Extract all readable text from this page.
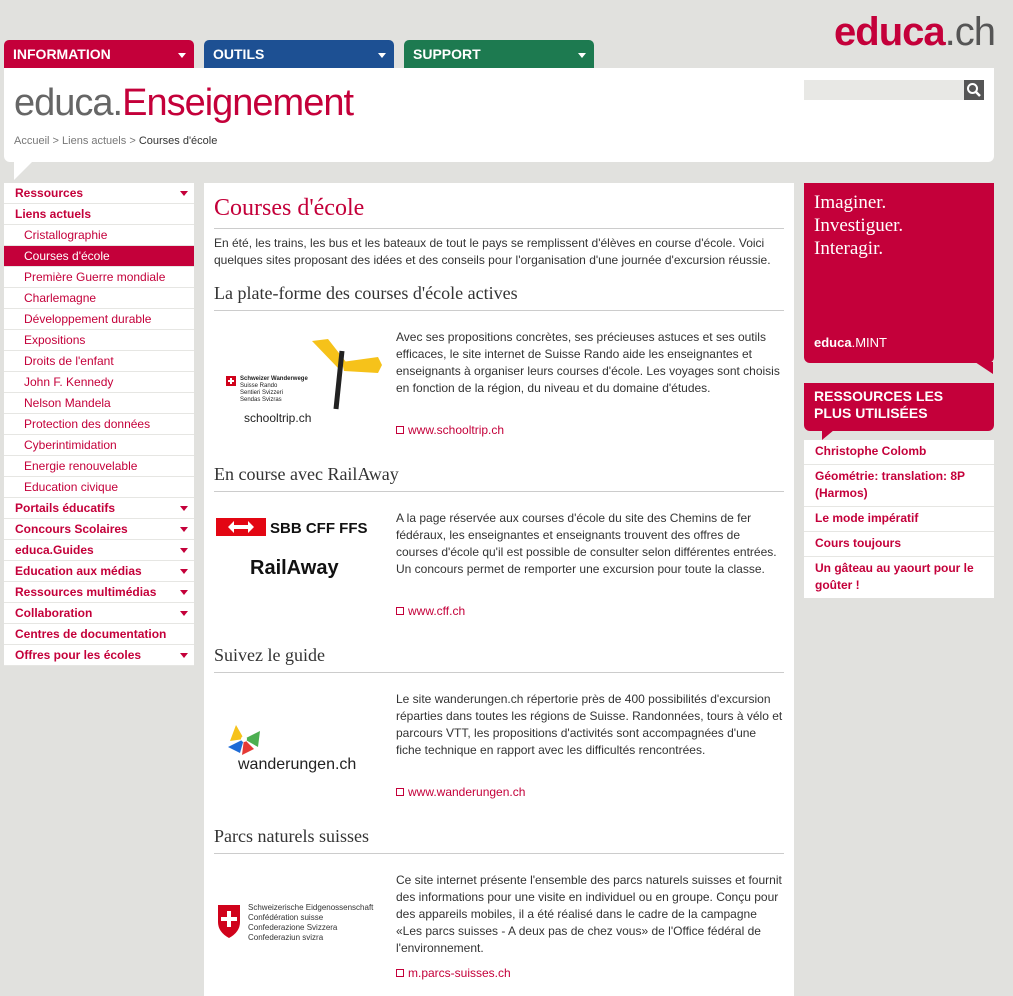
INFORMATION	OUTILS	SUPPORT	educa.ch
educa.Enseignement
Accueil > Liens actuels > Courses d'école
Ressources
Liens actuels
Cristallographie
Courses d'école
Première Guerre mondiale
Charlemagne
Développement durable
Expositions
Droits de l'enfant
John F. Kennedy
Nelson Mandela
Protection des données
Cyberintimidation
Energie renouvelable
Education civique
Portails éducatifs
Concours Scolaires
educa.Guides
Education aux médias
Ressources multimédias
Collaboration
Centres de documentation
Offres pour les écoles
Courses d'école

En été, les trains, les bus et les bateaux de tout le pays se remplissent d'élèves en course d'école. Voici quelques sites proposant des idées et des conseils pour l'organisation d'une journée d'excursion réussie.

La plate-forme des courses d'école actives
Schweizer Wanderwege
Suisse Rando
Sentieri Svizzeri
Sendas Svizras
schooltrip.ch
Avec ses propositions concrètes, ses précieuses astuces et ses outils efficaces, le site internet de Suisse Rando aide les enseignantes et enseignants à organiser leurs courses d'école. Les voyages sont choisis en fonction de la région, du niveau et du domaine d'études.
www.schooltrip.ch
En course avec RailAway
SBB CFF FFS
RailAway
A la page réservée aux courses d'école du site des Chemins de fer fédéraux, les enseignantes et enseignants trouvent des offres de courses d'école qu'il est possible de consulter selon différentes entrées. Un concours permet de remporter une excursion pour toute la classe.
www.cff.ch
Suivez le guide
wanderungen.ch
Le site wanderungen.ch répertorie près de 400 possibilités d'excursion réparties dans toutes les régions de Suisse. Randonnées, tours à vélo et parcours VTT, les propositions d'activités sont accompagnées d'une fiche technique en rapport avec les difficultés rencontrées.
www.wanderungen.ch
Parcs naturels suisses
Schweizerische Eidgenossenschaft
Confédération suisse
Confederazione Svizzera
Confederaziun svizra
Ce site internet présente l'ensemble des parcs naturels suisses et fournit des informations pour une visite en individuel ou en groupe. Conçu pour des appareils mobiles, il a été réalisé dans le cadre de la campagne «Les parcs suisses - A deux pas de chez vous» de l'Office fédéral de l'environnement.
m.parcs-suisses.ch
Imaginer.
Investiguer.
Interagir.
educa.MINT
RESSOURCES LES PLUS UTILISÉES
Christophe Colomb
Géométrie: translation: 8P (Harmos)
Le mode impératif
Cours toujours
Un gâteau au yaourt pour le goûter !
